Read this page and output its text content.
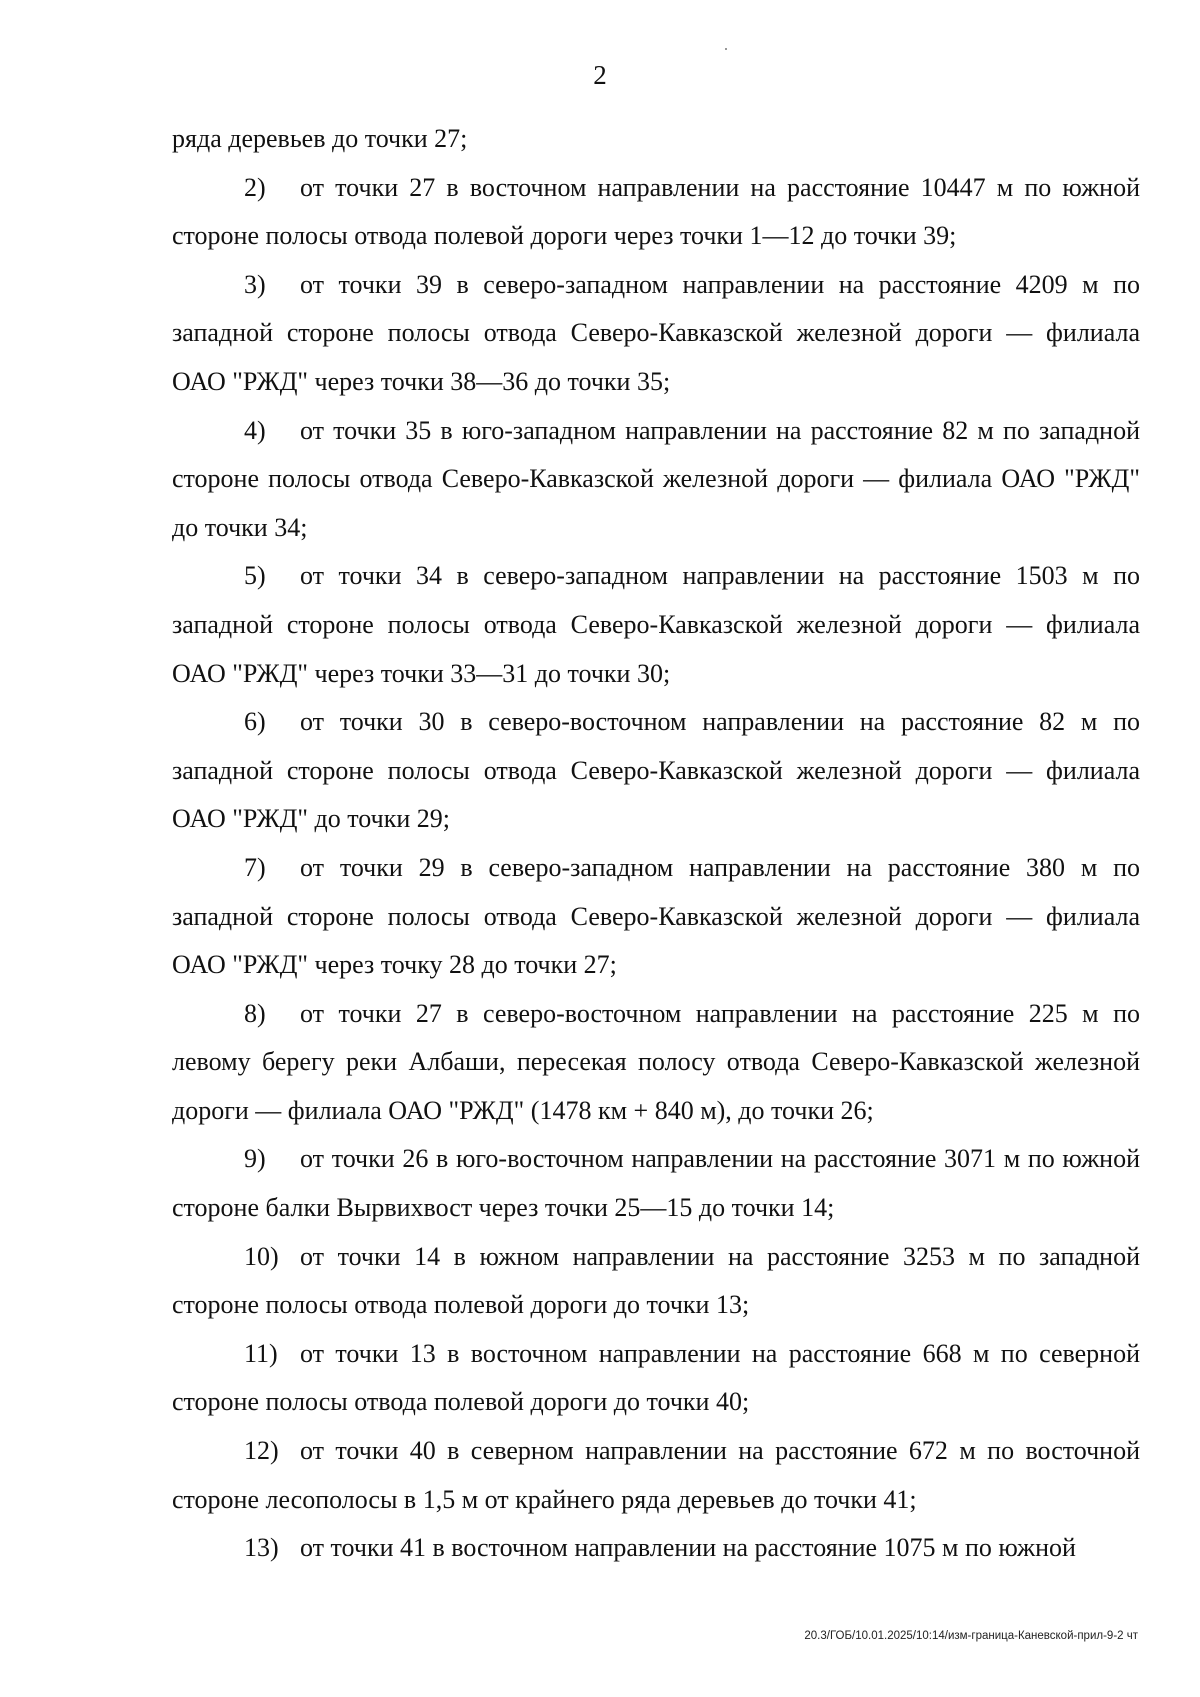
2

ряда деревьев до точки 27;

2) от точки 27 в восточном направлении на расстояние 10447 м по южной стороне полосы отвода полевой дороги через точки 1—12 до точки 39;

3) от точки 39 в северо-западном направлении на расстояние 4209 м по западной стороне полосы отвода Северо-Кавказской железной дороги — филиала ОАО "РЖД" через точки 38—36 до точки 35;

4) от точки 35 в юго-западном направлении на расстояние 82 м по западной стороне полосы отвода Северо-Кавказской железной дороги — филиала ОАО "РЖД" до точки 34;

5) от точки 34 в северо-западном направлении на расстояние 1503 м по западной стороне полосы отвода Северо-Кавказской железной дороги — филиала ОАО "РЖД" через точки 33—31 до точки 30;

6) от точки 30 в северо-восточном направлении на расстояние 82 м по западной стороне полосы отвода Северо-Кавказской железной дороги — филиала ОАО "РЖД" до точки 29;

7) от точки 29 в северо-западном направлении на расстояние 380 м по западной стороне полосы отвода Северо-Кавказской железной дороги — филиала ОАО "РЖД" через точку 28 до точки 27;

8) от точки 27 в северо-восточном направлении на расстояние 225 м по левому берегу реки Албаши, пересекая полосу отвода Северо-Кавказской железной дороги — филиала ОАО "РЖД" (1478 км + 840 м), до точки 26;

9) от точки 26 в юго-восточном направлении на расстояние 3071 м по южной стороне балки Вырвихвост через точки 25—15 до точки 14;

10) от точки 14 в южном направлении на расстояние 3253 м по западной стороне полосы отвода полевой дороги до точки 13;

11) от точки 13 в восточном направлении на расстояние 668 м по северной стороне полосы отвода полевой дороги до точки 40;

12) от точки 40 в северном направлении на расстояние 672 м по восточной стороне лесополосы в 1,5 м от крайнего ряда деревьев до точки 41;

13) от точки 41 в восточном направлении на расстояние 1075 м по южной

20.3/ГОБ/10.01.2025/10:14/изм-граница-Каневской-прил-9-2 чт
